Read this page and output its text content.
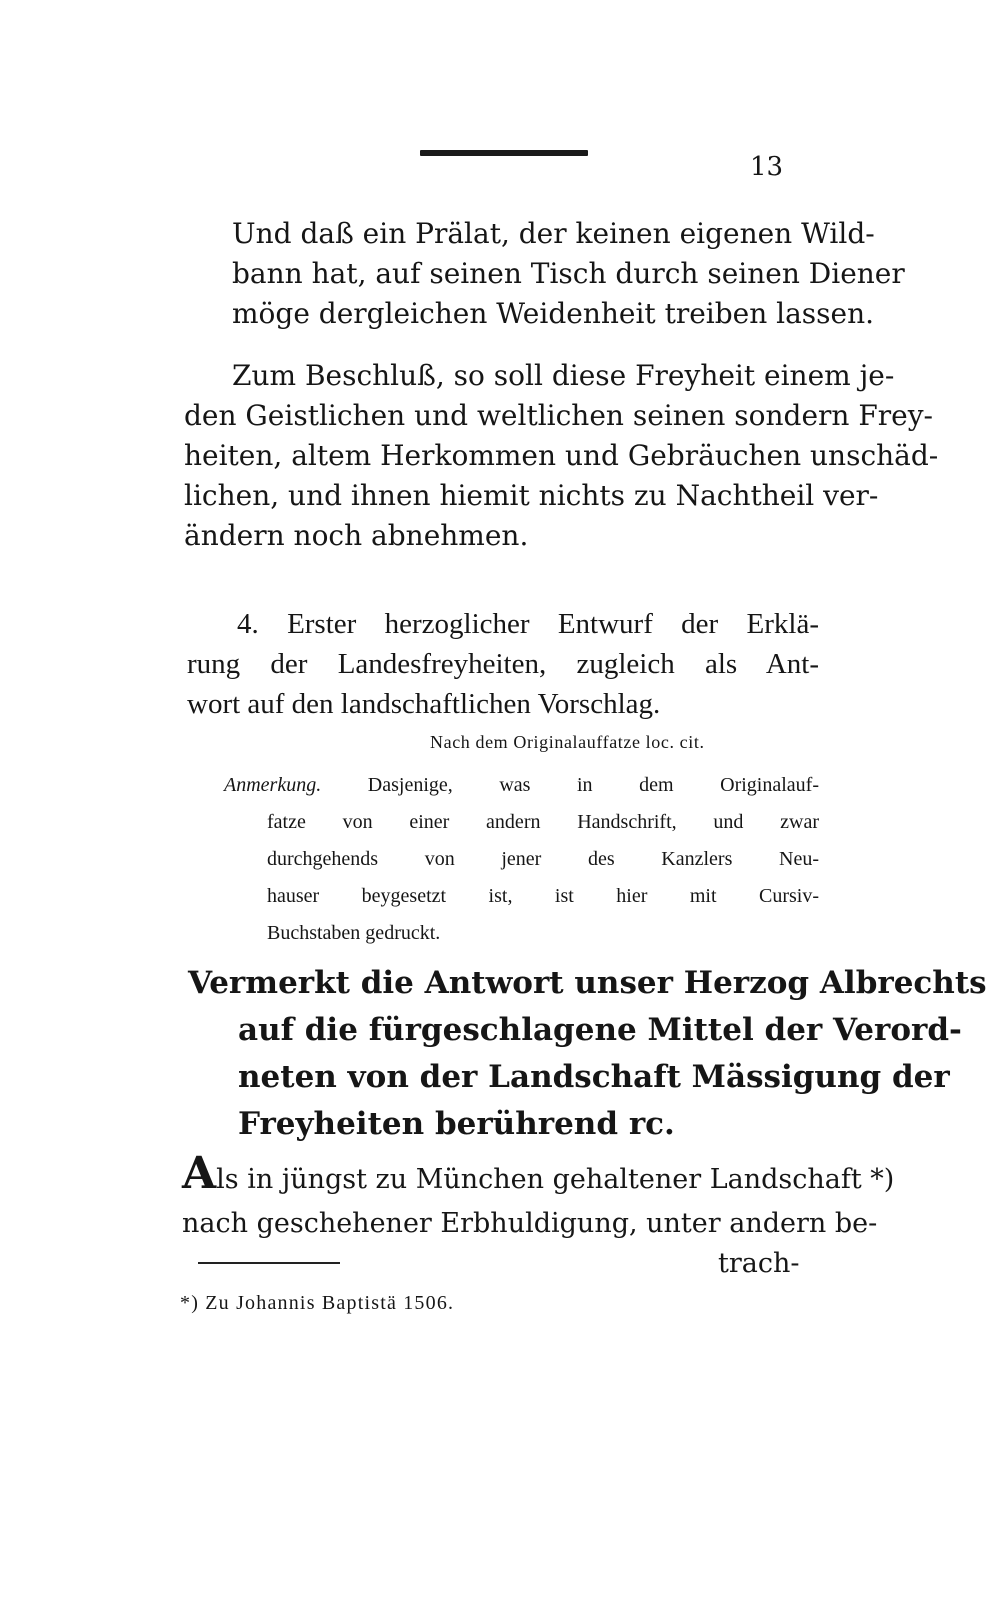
13
Und daß ein Prälat, der keinen eigenen Wild-
bann hat, auf seinen Tisch durch seinen Diener
möge dergleichen Weidenheit treiben lassen.
Zum Beschluß, so soll diese Freyheit einem je-
den Geistlichen und weltlichen seinen sondern Frey-
heiten, altem Herkommen und Gebräuchen unschäd-
lichen, und ihnen hiemit nichts zu Nachtheil ver-
ändern noch abnehmen.
4. Erster herzoglicher Entwurf der Erklä-
rung der Landesfreyheiten, zugleich als Ant-
wort auf den landschaftlichen Vorschlag.
Nach dem Originalauffatze loc. cit.
Anmerkung. Dasjenige, was in dem Originalauf-
fatze von einer andern Handschrift, und zwar
durchgehends von jener des Kanzlers Neu-
hauser beygesetzt ist, ist hier mit Cursiv-
Buchstaben gedruckt.
Vermerkt die Antwort unser Herzog Albrechts
auf die fürgeschlagene Mittel der Verord-
neten von der Landschaft Mässigung der
Freyheiten berührend rc.
Als in jüngst zu München gehaltener Landschaft *)
nach geschehener Erbhuldigung, unter andern be-
trach-
*) Zu Johannis Baptistä 1506.
